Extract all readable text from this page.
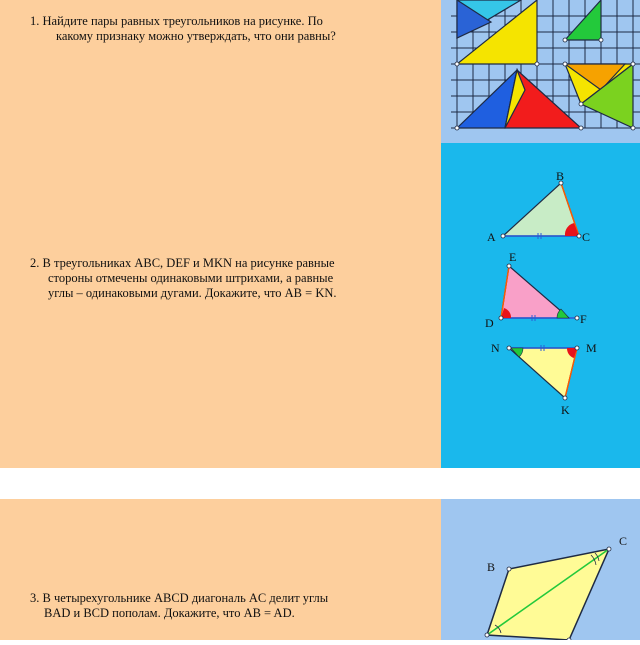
1. Найдите пары равных треугольников на рисунке. По
какому признаку можно утверждать, что они равны?
2. В треугольниках ABC, DEF и MKN на рисунке равные
стороны отмечены одинаковыми штрихами, а равные
углы – одинаковыми дугами. Докажите, что AB = KN.
A
B
C
E
D	F
N	M
K
3. В четырехугольнике ABCD диагональ AC делит углы
BAD и BCD пополам. Докажите, что AB = AD.
B
C
